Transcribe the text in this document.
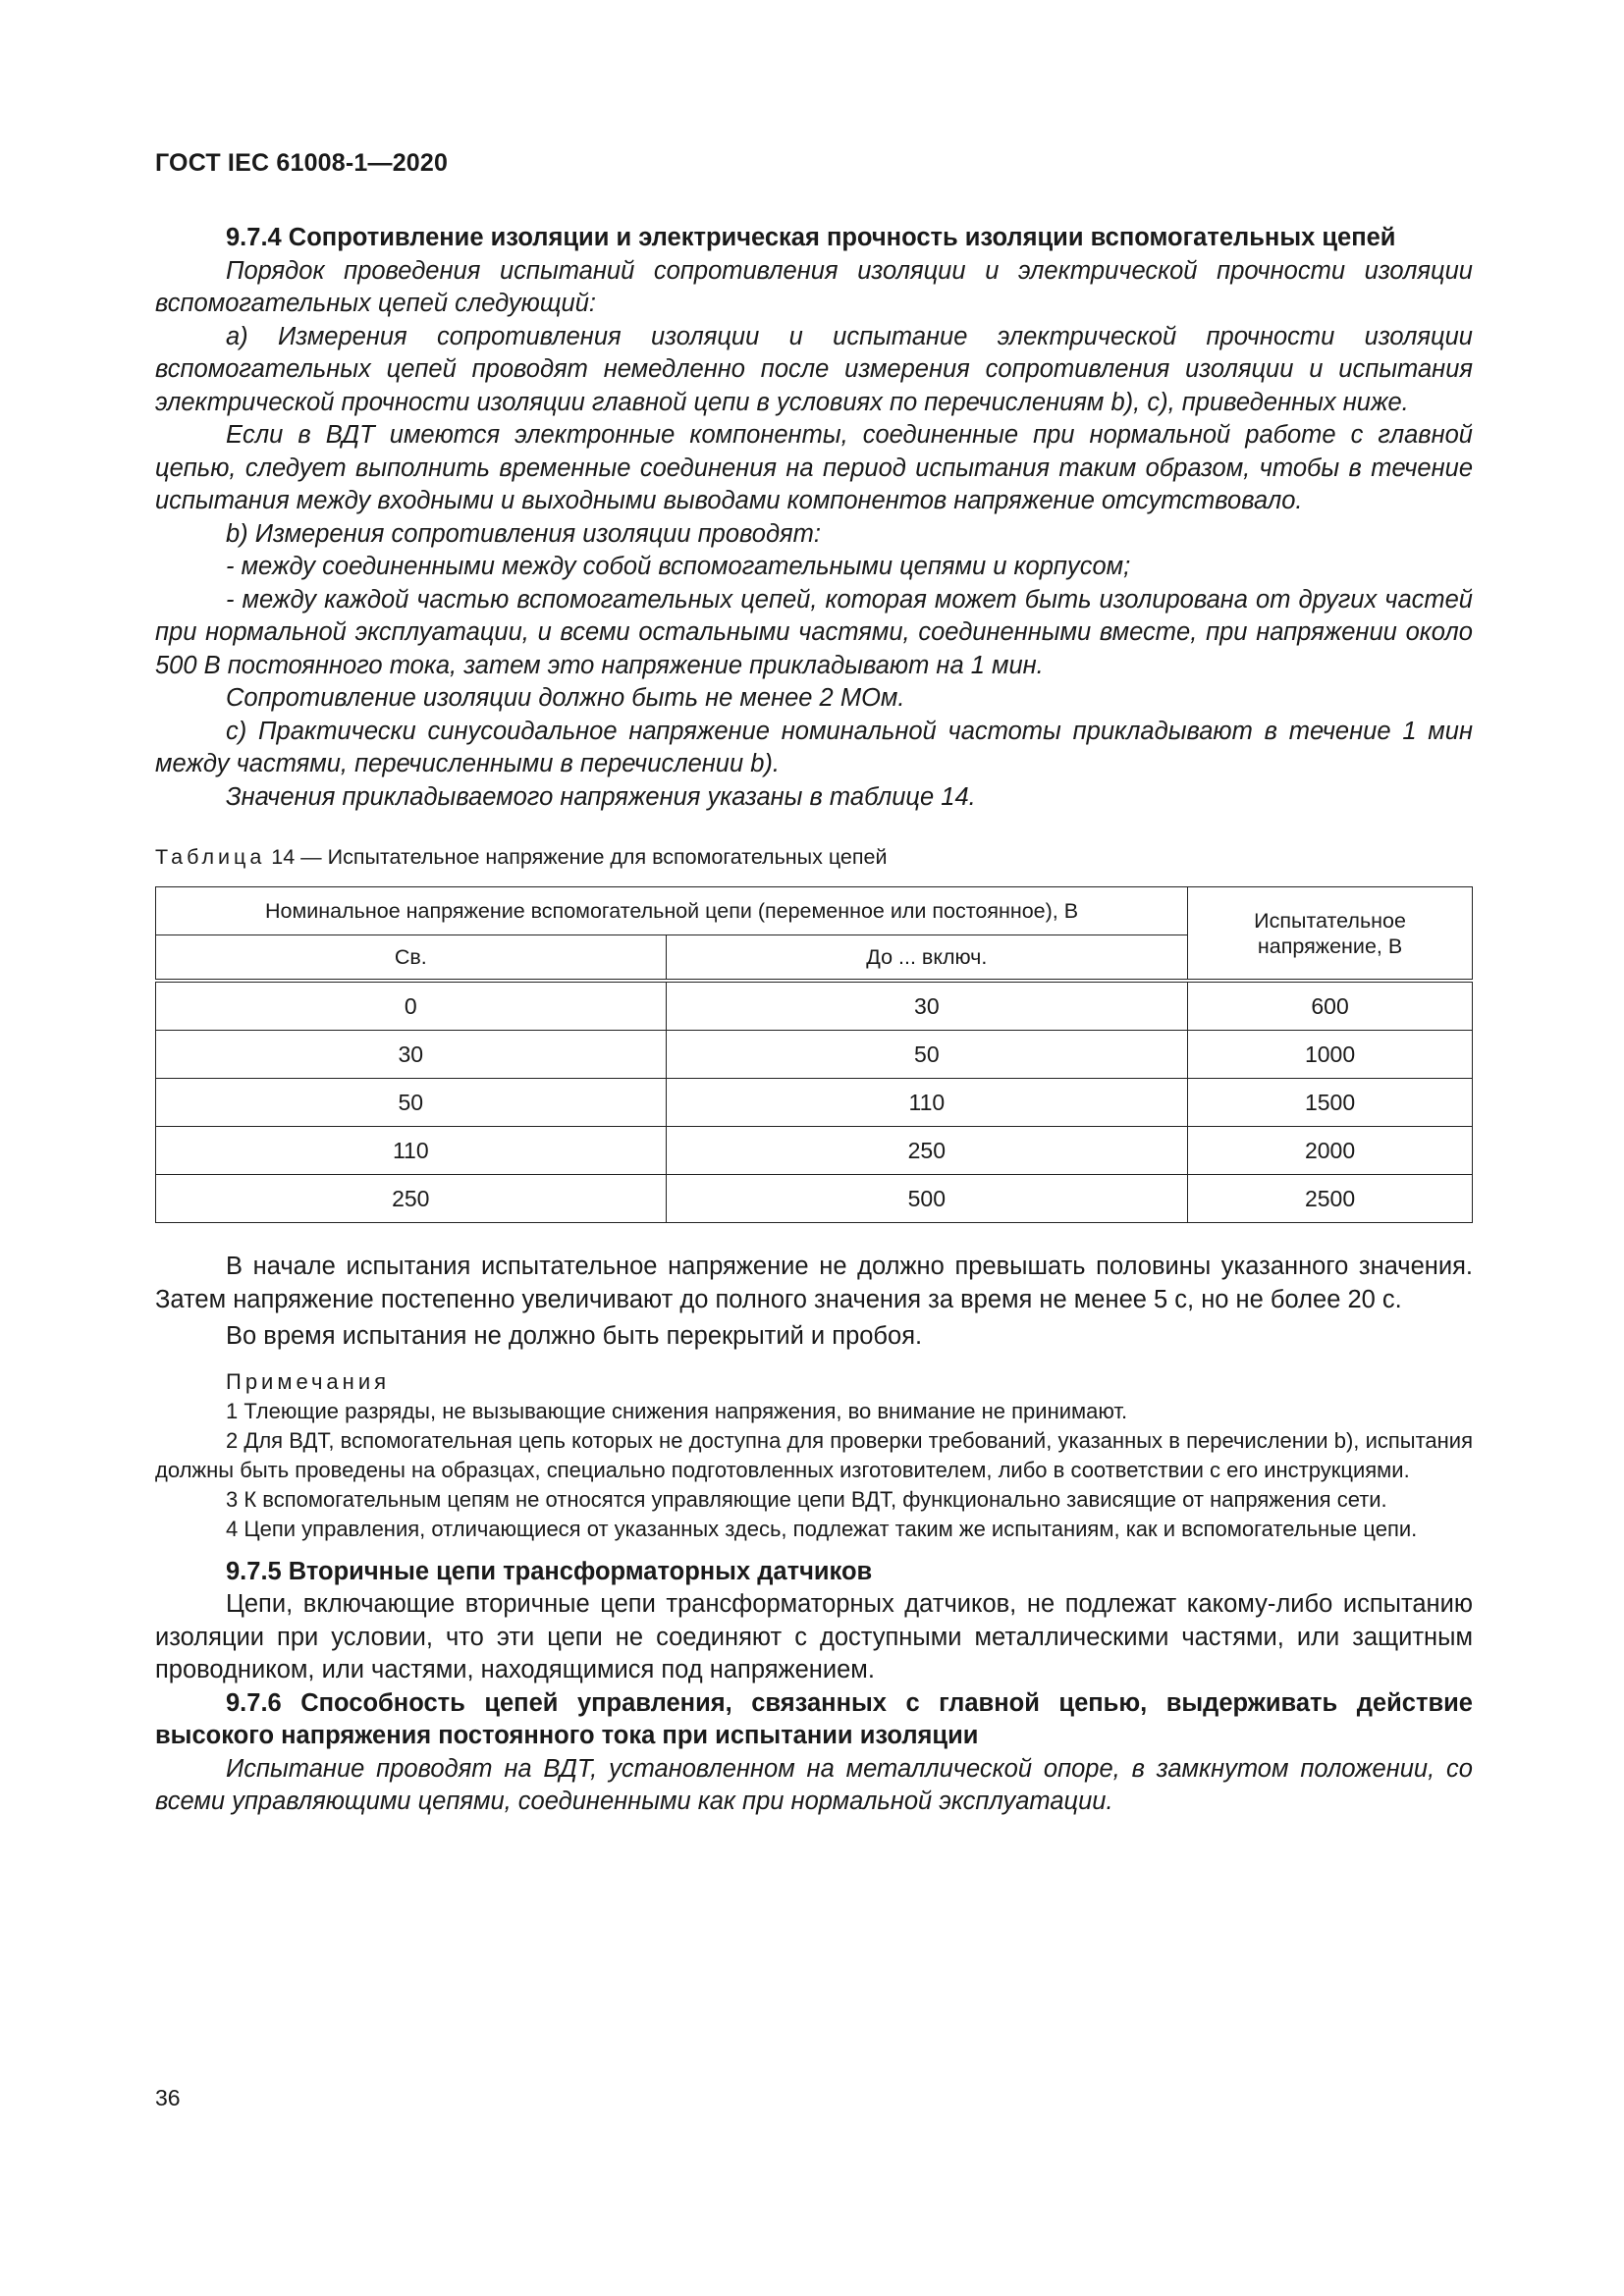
ГОСТ IEC 61008-1—2020

9.7.4 Сопротивление изоляции и электрическая прочность изоляции вспомогательных цепей

Порядок проведения испытаний сопротивления изоляции и электрической прочности изоляции вспомогательных цепей следующий:

a) Измерения сопротивления изоляции и испытание электрической прочности изоляции вспомогательных цепей проводят немедленно после измерения сопротивления изоляции и испытания электрической прочности изоляции главной цепи в условиях по перечислениям b), c), приведенных ниже.

Если в ВДТ имеются электронные компоненты, соединенные при нормальной работе с главной цепью, следует выполнить временные соединения на период испытания таким образом, чтобы в течение испытания между входными и выходными выводами компонентов напряжение отсутствовало.

b) Измерения сопротивления изоляции проводят:

- между соединенными между собой вспомогательными цепями и корпусом;

- между каждой частью вспомогательных цепей, которая может быть изолирована от других частей при нормальной эксплуатации, и всеми остальными частями, соединенными вместе, при напряжении около 500 В постоянного тока, затем это напряжение прикладывают на 1 мин.

Сопротивление изоляции должно быть не менее 2 МОм.

c) Практически синусоидальное напряжение номинальной частоты прикладывают в течение 1 мин между частями, перечисленными в перечислении b).

Значения прикладываемого напряжения указаны в таблице 14.

Таблица 14 — Испытательное напряжение для вспомогательных цепей
Номинальное напряжение вспомогательной цепи (переменное или постоянное), В		Испытательное напряжение, В
Св.	До ... включ.	
0	30	600
30	50	1000
50	110	1500
110	250	2000
250	500	2500

В начале испытания испытательное напряжение не должно превышать половины указанного значения. Затем напряжение постепенно увеличивают до полного значения за время не менее 5 с, но не более 20 с.

Во время испытания не должно быть перекрытий и пробоя.

Примечания

1 Тлеющие разряды, не вызывающие снижения напряжения, во внимание не принимают.

2 Для ВДТ, вспомогательная цепь которых не доступна для проверки требований, указанных в перечислении b), испытания должны быть проведены на образцах, специально подготовленных изготовителем, либо в соответствии с его инструкциями.

3 К вспомогательным цепям не относятся управляющие цепи ВДТ, функционально зависящие от напряжения сети.

4 Цепи управления, отличающиеся от указанных здесь, подлежат таким же испытаниям, как и вспомогательные цепи.

9.7.5 Вторичные цепи трансформаторных датчиков

Цепи, включающие вторичные цепи трансформаторных датчиков, не подлежат какому-либо испытанию изоляции при условии, что эти цепи не соединяют с доступными металлическими частями, или защитным проводником, или частями, находящимися под напряжением.

9.7.6 Способность цепей управления, связанных с главной цепью, выдерживать действие высокого напряжения постоянного тока при испытании изоляции

Испытание проводят на ВДТ, установленном на металлической опоре, в замкнутом положении, со всеми управляющими цепями, соединенными как при нормальной эксплуатации.

36
